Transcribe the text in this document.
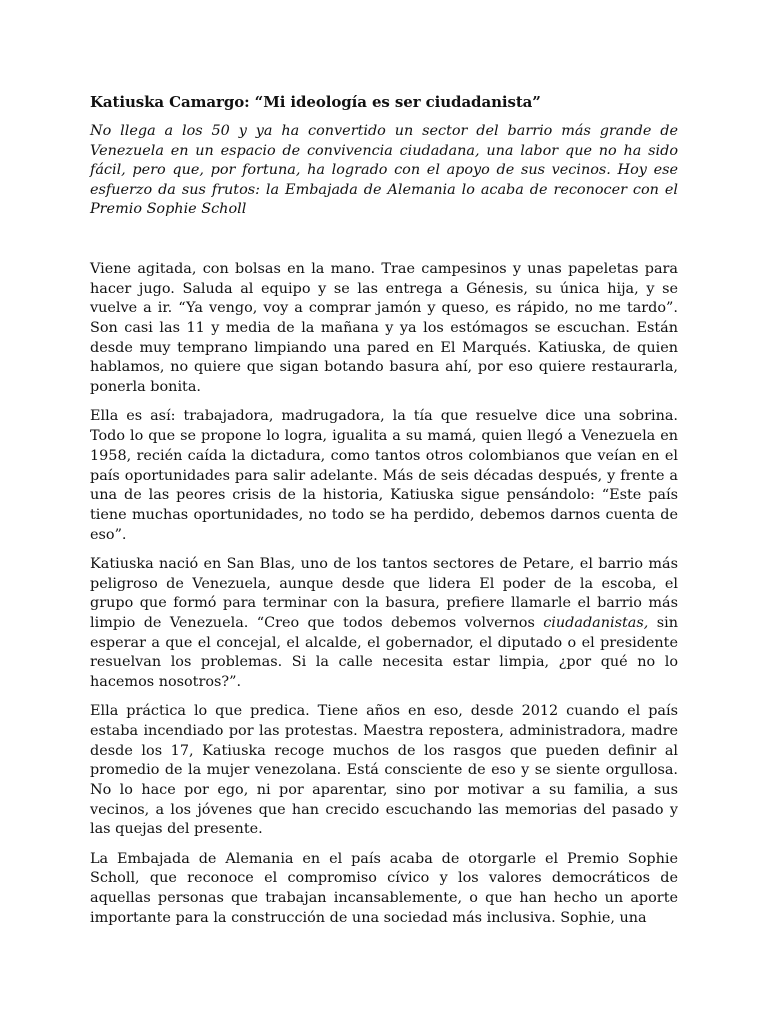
Katiuska Camargo: “Mi ideología es ser ciudadanista”

No llega a los 50 y ya ha convertido un sector del barrio más grande de Venezuela en un espacio de convivencia ciudadana, una labor que no ha sido fácil, pero que, por fortuna, ha logrado con el apoyo de sus vecinos. Hoy ese esfuerzo da sus frutos: la Embajada de Alemania lo acaba de reconocer con el Premio Sophie Scholl

Viene agitada, con bolsas en la mano. Trae campesinos y unas papeletas para hacer jugo. Saluda al equipo y se las entrega a Génesis, su única hija, y se vuelve a ir. “Ya vengo, voy a comprar jamón y queso, es rápido, no me tardo”. Son casi las 11 y media de la mañana y ya los estómagos se escuchan. Están desde muy temprano limpiando una pared en El Marqués. Katiuska, de quien hablamos, no quiere que sigan botando basura ahí, por eso quiere restaurarla, ponerla bonita.

Ella es así: trabajadora, madrugadora, la tía que resuelve dice una sobrina. Todo lo que se propone lo logra, igualita a su mamá, quien llegó a Venezuela en 1958, recién caída la dictadura, como tantos otros colombianos que veían en el país oportunidades para salir adelante. Más de seis décadas después, y frente a una de las peores crisis de la historia, Katiuska sigue pensándolo: “Este país tiene muchas oportunidades, no todo se ha perdido, debemos darnos cuenta de eso”.

Katiuska nació en San Blas, uno de los tantos sectores de Petare, el barrio más peligroso de Venezuela, aunque desde que lidera El poder de la escoba, el grupo que formó para terminar con la basura, prefiere llamarle el barrio más limpio de Venezuela. “Creo que todos debemos volvernos ciudadanistas, sin esperar a que el concejal, el alcalde, el gobernador, el diputado o el presidente resuelvan los problemas. Si la calle necesita estar limpia, ¿por qué no lo hacemos nosotros?”.

Ella práctica lo que predica. Tiene años en eso, desde 2012 cuando el país estaba incendiado por las protestas. Maestra repostera, administradora, madre desde los 17, Katiuska recoge muchos de los rasgos que pueden definir al promedio de la mujer venezolana. Está consciente de eso y se siente orgullosa. No lo hace por ego, ni por aparentar, sino por motivar a su familia, a sus vecinos, a los jóvenes que han crecido escuchando las memorias del pasado y las quejas del presente.

La Embajada de Alemania en el país acaba de otorgarle el Premio Sophie Scholl, que reconoce el compromiso cívico y los valores democráticos de aquellas personas que trabajan incansablemente, o que han hecho un aporte importante para la construcción de una sociedad más inclusiva. Sophie, una
